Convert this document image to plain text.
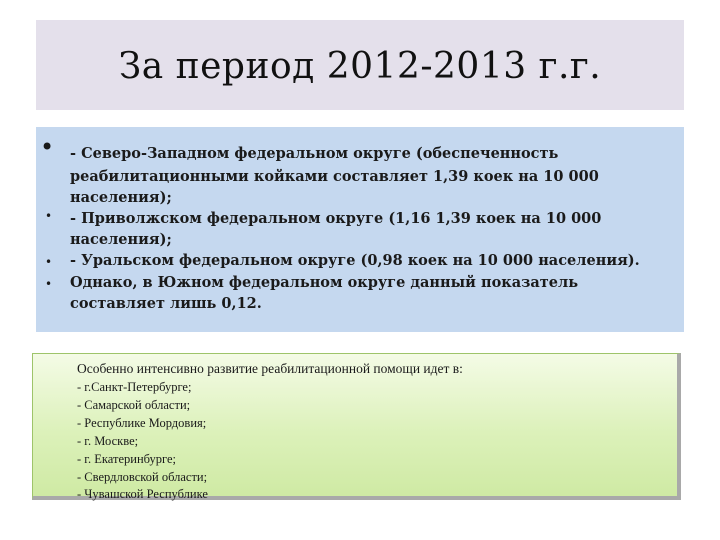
За период 2012-2013 г.г.
•
•
•
•
- Северо-Западном федеральном округе (обеспеченность
реабилитационными койками составляет 1,39 коек на 10 000
населения);
- Приволжском федеральном округе (1,16 1,39 коек на 10 000
населения);
- Уральском федеральном округе (0,98 коек на 10 000 населения).
Однако, в Южном федеральном округе данный показатель
составляет лишь 0,12.
Особенно интенсивно развитие реабилитационной помощи идет в:
- г.Санкт-Петербурге;
- Самарской области;
- Республике Мордовия;
- г. Москве;
- г. Екатеринбурге;
- Свердловской области;
- Чувашской Республике
